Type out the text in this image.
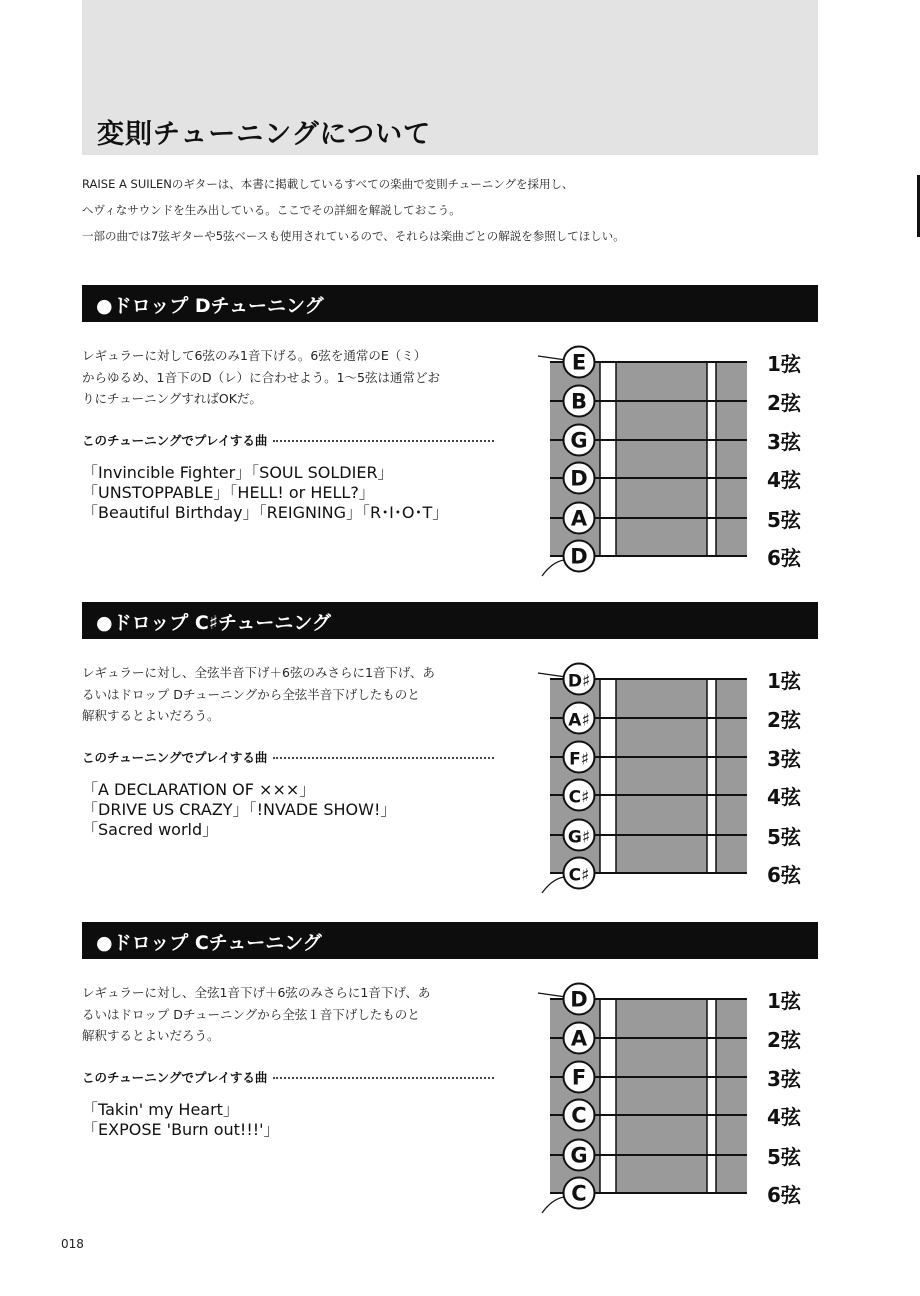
変則チューニングについて
RAISE A SUILENのギターは、本書に掲載しているすべての楽曲で変則チューニングを採用し、
ヘヴィなサウンドを生み出している。ここでその詳細を解説しておこう。
一部の曲では7弦ギターや5弦ベースも使用されているので、それらは楽曲ごとの解説を参照してほしい。
●ドロップ Dチューニング
レギュラーに対して6弦のみ1音下げる。6弦を通常のE（ミ）
からゆるめ、1音下のD（レ）に合わせよう。1～5弦は通常どお
りにチューニングすればOKだ。
このチューニングでプレイする曲
「Invincible Fighter」「SOUL SOLDIER」
「UNSTOPPABLE」「HELL! or HELL?」
「Beautiful Birthday」「REIGNING」「R･I･O･T」
E
B
G
D
A
D
1弦
2弦
3弦
4弦
5弦
6弦
●ドロップ C♯チューニング
レギュラーに対し、全弦半音下げ＋6弦のみさらに1音下げ、あ
るいはドロップ Dチューニングから全弦半音下げしたものと
解釈するとよいだろう。
このチューニングでプレイする曲
「A DECLARATION OF ×××」
「DRIVE US CRAZY」「!NVADE SHOW!」
「Sacred world」
D♯
A♯
F♯
C♯
G♯
C♯
1弦
2弦
3弦
4弦
5弦
6弦
●ドロップ Cチューニング
レギュラーに対し、全弦1音下げ＋6弦のみさらに1音下げ、あ
るいはドロップ Dチューニングから全弦１音下げしたものと
解釈するとよいだろう。
このチューニングでプレイする曲
「Takin' my Heart」
「EXPOSE 'Burn out!!!'」
D
A
F
C
G
C
1弦
2弦
3弦
4弦
5弦
6弦
018
